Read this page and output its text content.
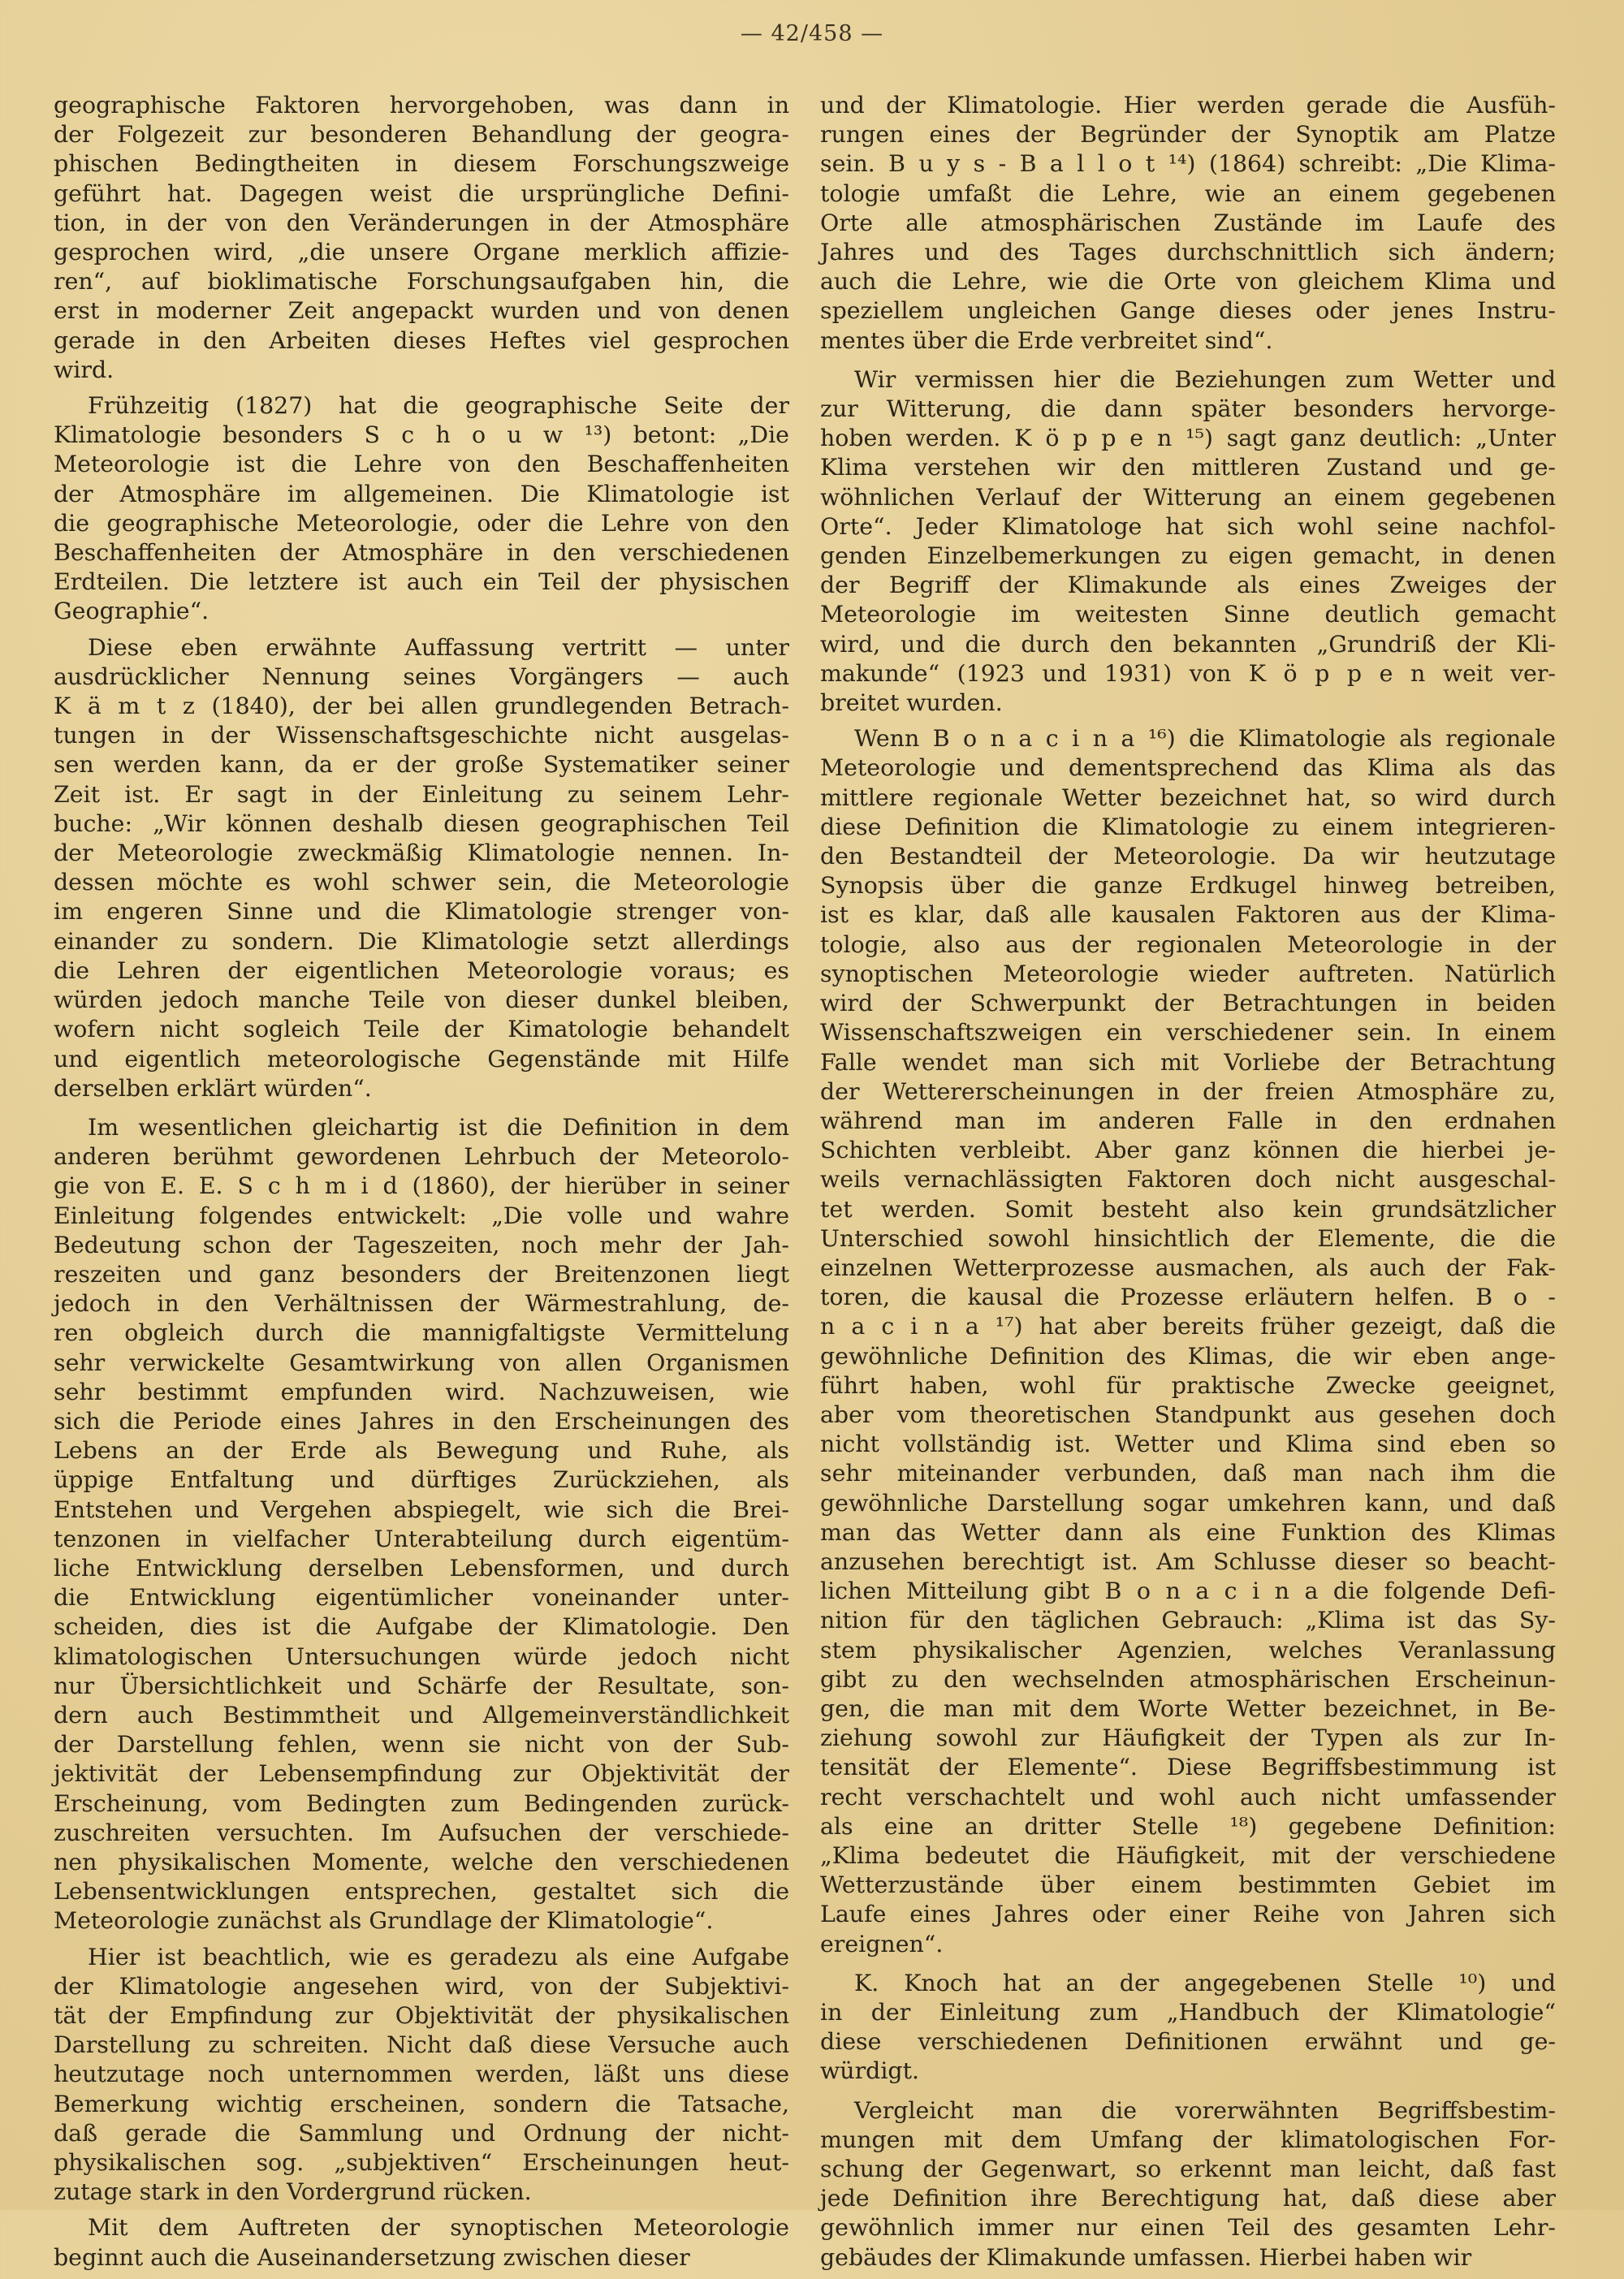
— 42/458 —

geographische Faktoren hervorgehoben, was dann in
der Folgezeit zur besonderen Behandlung der geogra-
phischen Bedingtheiten in diesem Forschungszweige
geführt hat. Dagegen weist die ursprüngliche Defini-
tion, in der von den Veränderungen in der Atmosphäre
gesprochen wird, „die unsere Organe merklich affizie-
ren“, auf bioklimatische Forschungsaufgaben hin, die
erst in moderner Zeit angepackt wurden und von denen
gerade in den Arbeiten dieses Heftes viel gesprochen
wird.

Frühzeitig (1827) hat die geographische Seite der
Klimatologie besonders S c h o u w ¹³) betont: „Die
Meteorologie ist die Lehre von den Beschaffenheiten
der Atmosphäre im allgemeinen. Die Klimatologie ist
die geographische Meteorologie, oder die Lehre von den
Beschaffenheiten der Atmosphäre in den verschiedenen
Erdteilen. Die letztere ist auch ein Teil der physischen
Geographie“.

Diese eben erwähnte Auffassung vertritt — unter
ausdrücklicher Nennung seines Vorgängers — auch
K ä m t z (1840), der bei allen grundlegenden Betrach-
tungen in der Wissenschaftsgeschichte nicht ausgelas-
sen werden kann, da er der große Systematiker seiner
Zeit ist. Er sagt in der Einleitung zu seinem Lehr-
buche: „Wir können deshalb diesen geographischen Teil
der Meteorologie zweckmäßig Klimatologie nennen. In-
dessen möchte es wohl schwer sein, die Meteorologie
im engeren Sinne und die Klimatologie strenger von-
einander zu sondern. Die Klimatologie setzt allerdings
die Lehren der eigentlichen Meteorologie voraus; es
würden jedoch manche Teile von dieser dunkel bleiben,
wofern nicht sogleich Teile der Kimatologie behandelt
und eigentlich meteorologische Gegenstände mit Hilfe
derselben erklärt würden“.

Im wesentlichen gleichartig ist die Definition in dem
anderen berühmt gewordenen Lehrbuch der Meteorolo-
gie von E. E. S c h m i d (1860), der hierüber in seiner
Einleitung folgendes entwickelt: „Die volle und wahre
Bedeutung schon der Tageszeiten, noch mehr der Jah-
reszeiten und ganz besonders der Breitenzonen liegt
jedoch in den Verhältnissen der Wärmestrahlung, de-
ren obgleich durch die mannigfaltigste Vermittelung
sehr verwickelte Gesamtwirkung von allen Organismen
sehr bestimmt empfunden wird. Nachzuweisen, wie
sich die Periode eines Jahres in den Erscheinungen des
Lebens an der Erde als Bewegung und Ruhe, als
üppige Entfaltung und dürftiges Zurückziehen, als
Entstehen und Vergehen abspiegelt, wie sich die Brei-
tenzonen in vielfacher Unterabteilung durch eigentüm-
liche Entwicklung derselben Lebensformen, und durch
die Entwicklung eigentümlicher voneinander unter-
scheiden, dies ist die Aufgabe der Klimatologie. Den
klimatologischen Untersuchungen würde jedoch nicht
nur Übersichtlichkeit und Schärfe der Resultate, son-
dern auch Bestimmtheit und Allgemeinverständlichkeit
der Darstellung fehlen, wenn sie nicht von der Sub-
jektivität der Lebensempfindung zur Objektivität der
Erscheinung, vom Bedingten zum Bedingenden zurück-
zuschreiten versuchten. Im Aufsuchen der verschiede-
nen physikalischen Momente, welche den verschiedenen
Lebensentwicklungen entsprechen, gestaltet sich die
Meteorologie zunächst als Grundlage der Klimatologie“.

Hier ist beachtlich, wie es geradezu als eine Aufgabe
der Klimatologie angesehen wird, von der Subjektivi-
tät der Empfindung zur Objektivität der physikalischen
Darstellung zu schreiten. Nicht daß diese Versuche auch
heutzutage noch unternommen werden, läßt uns diese
Bemerkung wichtig erscheinen, sondern die Tatsache,
daß gerade die Sammlung und Ordnung der nicht-
physikalischen sog. „subjektiven“ Erscheinungen heut-
zutage stark in den Vordergrund rücken.

Mit dem Auftreten der synoptischen Meteorologie
beginnt auch die Auseinandersetzung zwischen dieser

und der Klimatologie. Hier werden gerade die Ausfüh-
rungen eines der Begründer der Synoptik am Platze
sein. B u y s - B a l l o t ¹⁴) (1864) schreibt: „Die Klima-
tologie umfaßt die Lehre, wie an einem gegebenen
Orte alle atmosphärischen Zustände im Laufe des
Jahres und des Tages durchschnittlich sich ändern;
auch die Lehre, wie die Orte von gleichem Klima und
speziellem ungleichen Gange dieses oder jenes Instru-
mentes über die Erde verbreitet sind“.

Wir vermissen hier die Beziehungen zum Wetter und
zur Witterung, die dann später besonders hervorge-
hoben werden. K ö p p e n ¹⁵) sagt ganz deutlich: „Unter
Klima verstehen wir den mittleren Zustand und ge-
wöhnlichen Verlauf der Witterung an einem gegebenen
Orte“. Jeder Klimatologe hat sich wohl seine nachfol-
genden Einzelbemerkungen zu eigen gemacht, in denen
der Begriff der Klimakunde als eines Zweiges der
Meteorologie im weitesten Sinne deutlich gemacht
wird, und die durch den bekannten „Grundriß der Kli-
makunde“ (1923 und 1931) von K ö p p e n weit ver-
breitet wurden.

Wenn B o n a c i n a ¹⁶) die Klimatologie als regionale
Meteorologie und dementsprechend das Klima als das
mittlere regionale Wetter bezeichnet hat, so wird durch
diese Definition die Klimatologie zu einem integrieren-
den Bestandteil der Meteorologie. Da wir heutzutage
Synopsis über die ganze Erdkugel hinweg betreiben,
ist es klar, daß alle kausalen Faktoren aus der Klima-
tologie, also aus der regionalen Meteorologie in der
synoptischen Meteorologie wieder auftreten. Natürlich
wird der Schwerpunkt der Betrachtungen in beiden
Wissenschaftszweigen ein verschiedener sein. In einem
Falle wendet man sich mit Vorliebe der Betrachtung
der Wettererscheinungen in der freien Atmosphäre zu,
während man im anderen Falle in den erdnahen
Schichten verbleibt. Aber ganz können die hierbei je-
weils vernachlässigten Faktoren doch nicht ausgeschal-
tet werden. Somit besteht also kein grundsätzlicher
Unterschied sowohl hinsichtlich der Elemente, die die
einzelnen Wetterprozesse ausmachen, als auch der Fak-
toren, die kausal die Prozesse erläutern helfen. B o -
n a c i n a ¹⁷) hat aber bereits früher gezeigt, daß die
gewöhnliche Definition des Klimas, die wir eben ange-
führt haben, wohl für praktische Zwecke geeignet,
aber vom theoretischen Standpunkt aus gesehen doch
nicht vollständig ist. Wetter und Klima sind eben so
sehr miteinander verbunden, daß man nach ihm die
gewöhnliche Darstellung sogar umkehren kann, und daß
man das Wetter dann als eine Funktion des Klimas
anzusehen berechtigt ist. Am Schlusse dieser so beacht-
lichen Mitteilung gibt B o n a c i n a die folgende Defi-
nition für den täglichen Gebrauch: „Klima ist das Sy-
stem physikalischer Agenzien, welches Veranlassung
gibt zu den wechselnden atmosphärischen Erscheinun-
gen, die man mit dem Worte Wetter bezeichnet, in Be-
ziehung sowohl zur Häufigkeit der Typen als zur In-
tensität der Elemente“. Diese Begriffsbestimmung ist
recht verschachtelt und wohl auch nicht umfassender
als eine an dritter Stelle ¹⁸) gegebene Definition:
„Klima bedeutet die Häufigkeit, mit der verschiedene
Wetterzustände über einem bestimmten Gebiet im
Laufe eines Jahres oder einer Reihe von Jahren sich
ereignen“.

K. Knoch hat an der angegebenen Stelle ¹⁰) und
in der Einleitung zum „Handbuch der Klimatologie“
diese verschiedenen Definitionen erwähnt und ge-
würdigt.

Vergleicht man die vorerwähnten Begriffsbestim-
mungen mit dem Umfang der klimatologischen For-
schung der Gegenwart, so erkennt man leicht, daß fast
jede Definition ihre Berechtigung hat, daß diese aber
gewöhnlich immer nur einen Teil des gesamten Lehr-
gebäudes der Klimakunde umfassen. Hierbei haben wir
